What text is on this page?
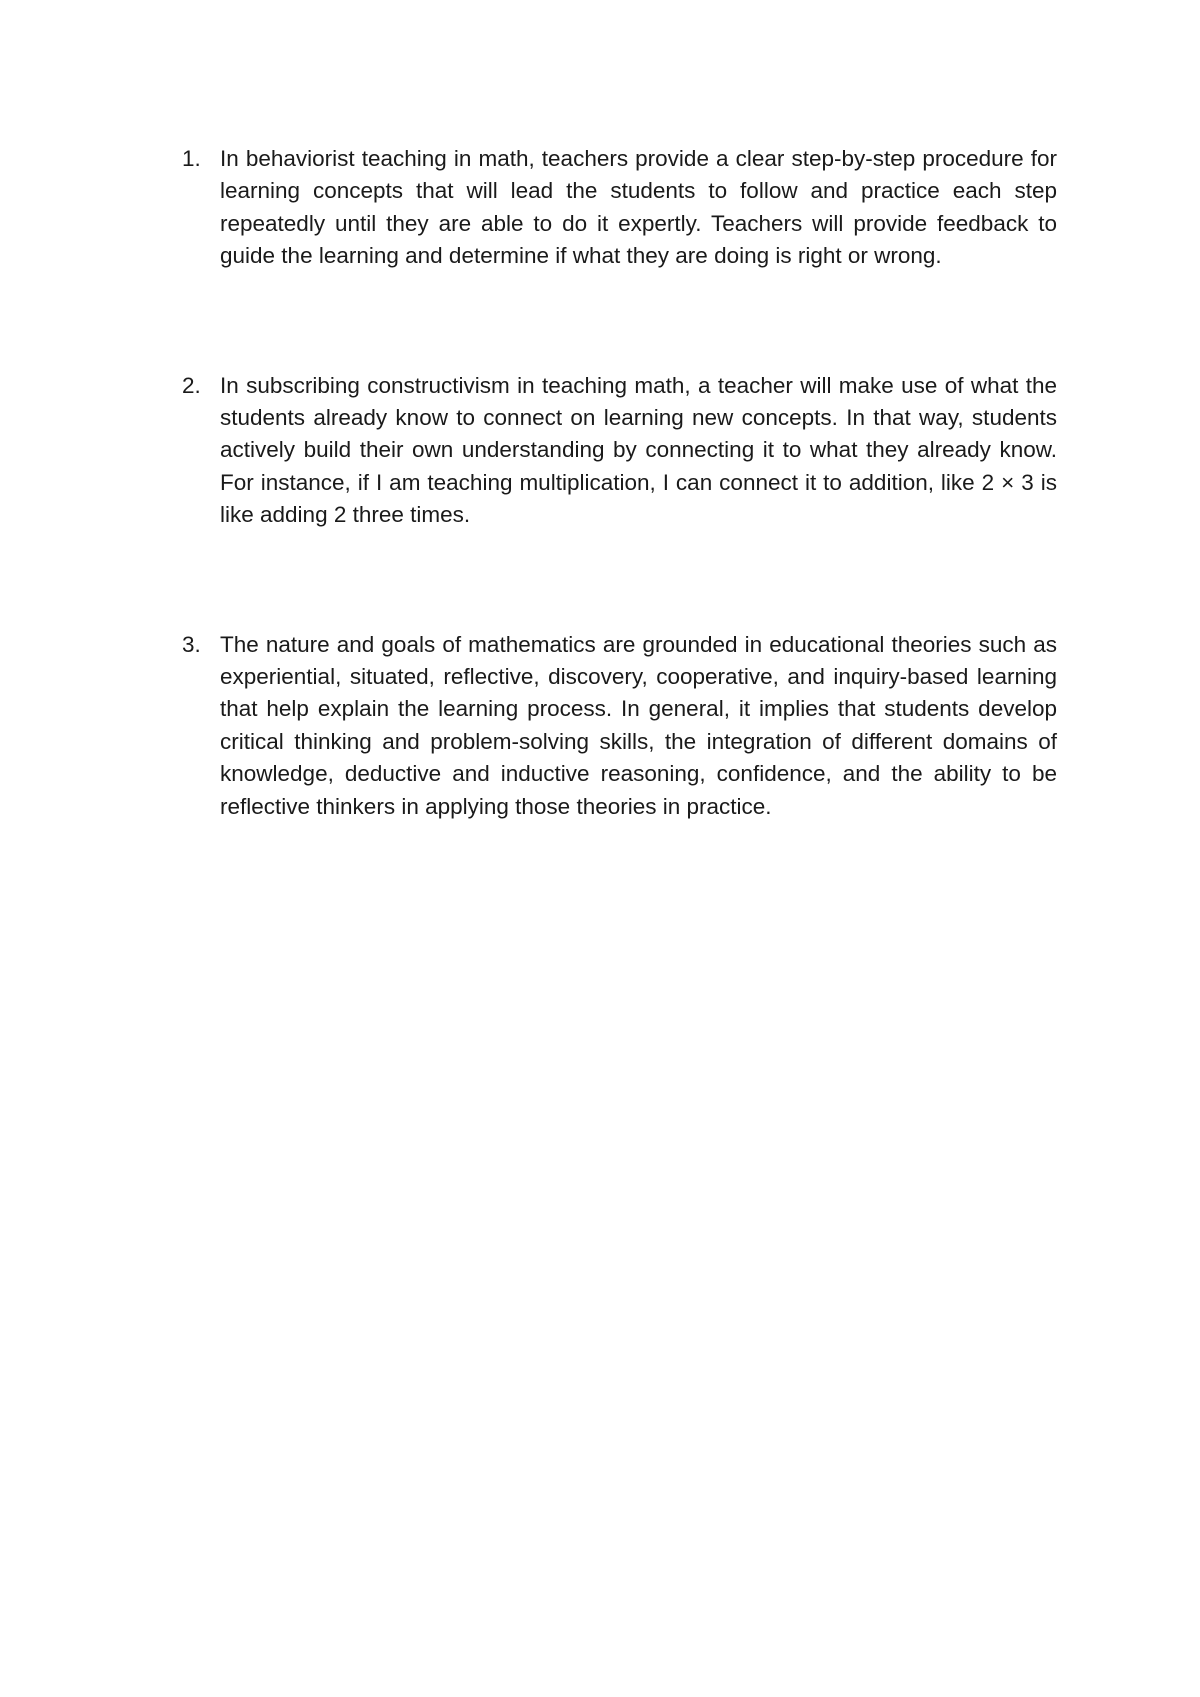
1. In behaviorist teaching in math, teachers provide a clear step-by-step procedure for learning concepts that will lead the students to follow and practice each step repeatedly until they are able to do it expertly. Teachers will provide feedback to guide the learning and determine if what they are doing is right or wrong.
2. In subscribing constructivism in teaching math, a teacher will make use of what the students already know to connect on learning new concepts. In that way, students actively build their own understanding by connecting it to what they already know. For instance, if I am teaching multiplication, I can connect it to addition, like 2 × 3 is like adding 2 three times.
3. The nature and goals of mathematics are grounded in educational theories such as experiential, situated, reflective, discovery, cooperative, and inquiry-based learning that help explain the learning process. In general, it implies that students develop critical thinking and problem-solving skills, the integration of different domains of knowledge, deductive and inductive reasoning, confidence, and the ability to be reflective thinkers in applying those theories in practice.
